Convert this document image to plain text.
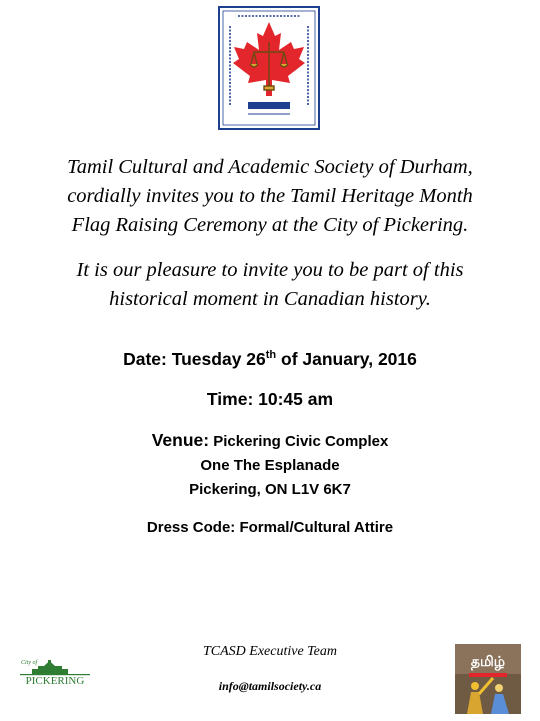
Tamil Cultural and Academic Society of Durham,
cordially invites you to the Tamil Heritage Month
Flag Raising Ceremony at the City of Pickering.
It is our pleasure to invite you to be part of this
historical moment in Canadian history.
Date: Tuesday 26th of January, 2016
Time: 10:45 am
Venue: Pickering Civic Complex
One The Esplanade
Pickering, ON L1V 6K7
Dress Code: Formal/Cultural Attire
TCASD Executive Team
info@tamilsociety.ca
City of
PICKERING
தமிழ்
